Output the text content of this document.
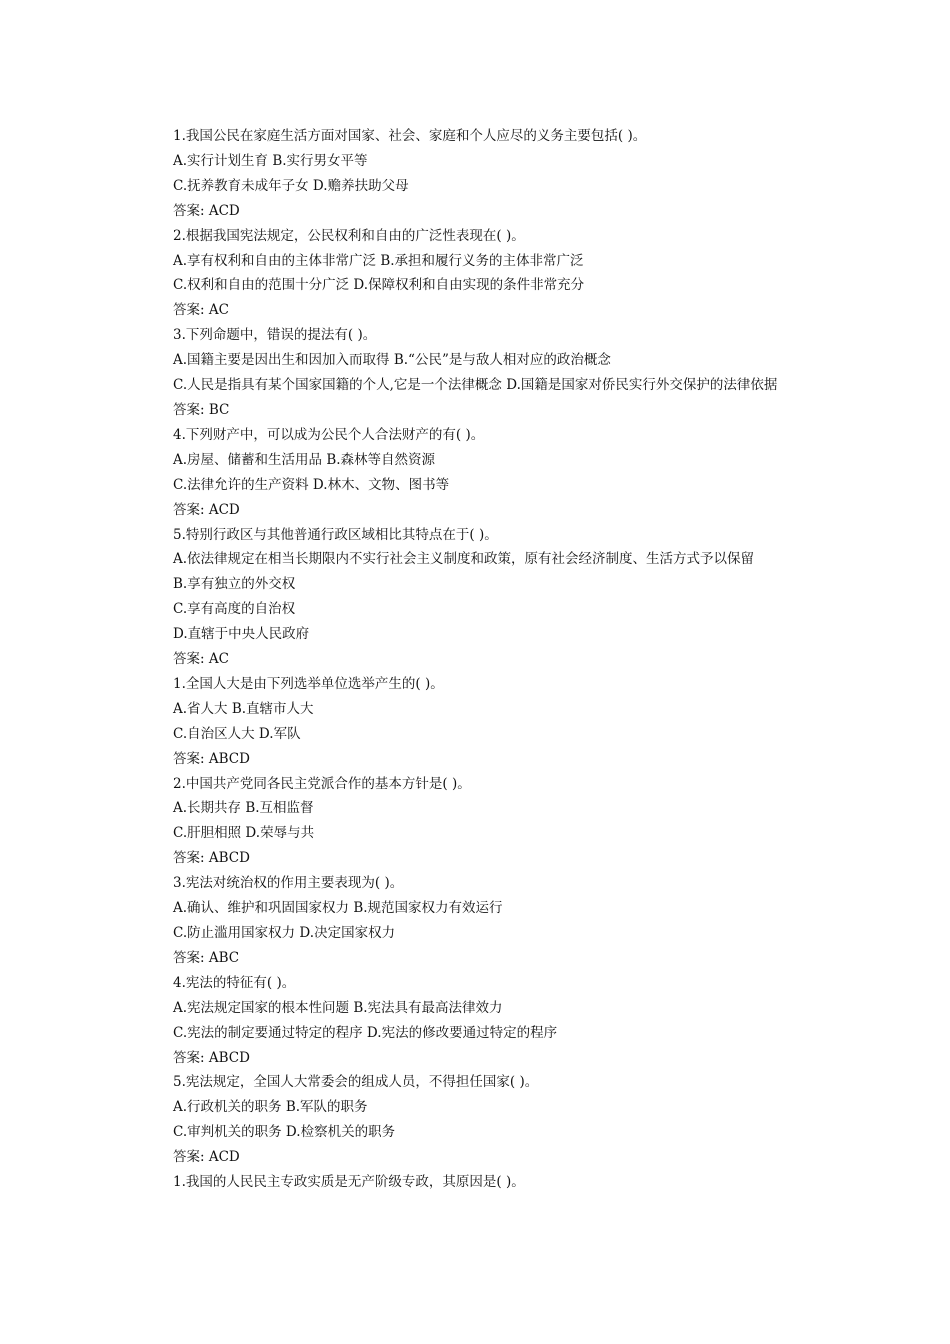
1.我国公民在家庭生活方面对国家、社会、家庭和个人应尽的义务主要包括( )。
A.实行计划生育 B.实行男女平等
C.抚养教育未成年子女 D.赡养扶助父母
答案: ACD
2.根据我国宪法规定，公民权利和自由的广泛性表现在( )。
A.享有权利和自由的主体非常广泛 B.承担和履行义务的主体非常广泛
C.权利和自由的范围十分广泛 D.保障权利和自由实现的条件非常充分
答案: AC
3.下列命题中，错误的提法有( )。
A.国籍主要是因出生和因加入而取得 B.“公民”是与敌人相对应的政治概念
C.人民是指具有某个国家国籍的个人,它是一个法律概念 D.国籍是国家对侨民实行外交保护的法律依据
答案: BC
4.下列财产中，可以成为公民个人合法财产的有( )。
A.房屋、储蓄和生活用品 B.森林等自然资源
C.法律允许的生产资料 D.林木、文物、图书等
答案: ACD
5.特别行政区与其他普通行政区域相比其特点在于( )。
A.依法律规定在相当长期限内不实行社会主义制度和政策，原有社会经济制度、生活方式予以保留
B.享有独立的外交权
C.享有高度的自治权
D.直辖于中央人民政府
答案: AC
1.全国人大是由下列选举单位选举产生的( )。
A.省人大 B.直辖市人大
C.自治区人大 D.军队
答案: ABCD
2.中国共产党同各民主党派合作的基本方针是( )。
A.长期共存 B.互相监督
C.肝胆相照 D.荣辱与共
答案: ABCD
3.宪法对统治权的作用主要表现为( )。
A.确认、维护和巩固国家权力 B.规范国家权力有效运行
C.防止滥用国家权力 D.决定国家权力
答案: ABC
4.宪法的特征有( )。
A.宪法规定国家的根本性问题 B.宪法具有最高法律效力
C.宪法的制定要通过特定的程序 D.宪法的修改要通过特定的程序
答案: ABCD
5.宪法规定，全国人大常委会的组成人员，不得担任国家( )。
A.行政机关的职务 B.军队的职务
C.审判机关的职务 D.检察机关的职务
答案: ACD
1.我国的人民民主专政实质是无产阶级专政，其原因是( )。
